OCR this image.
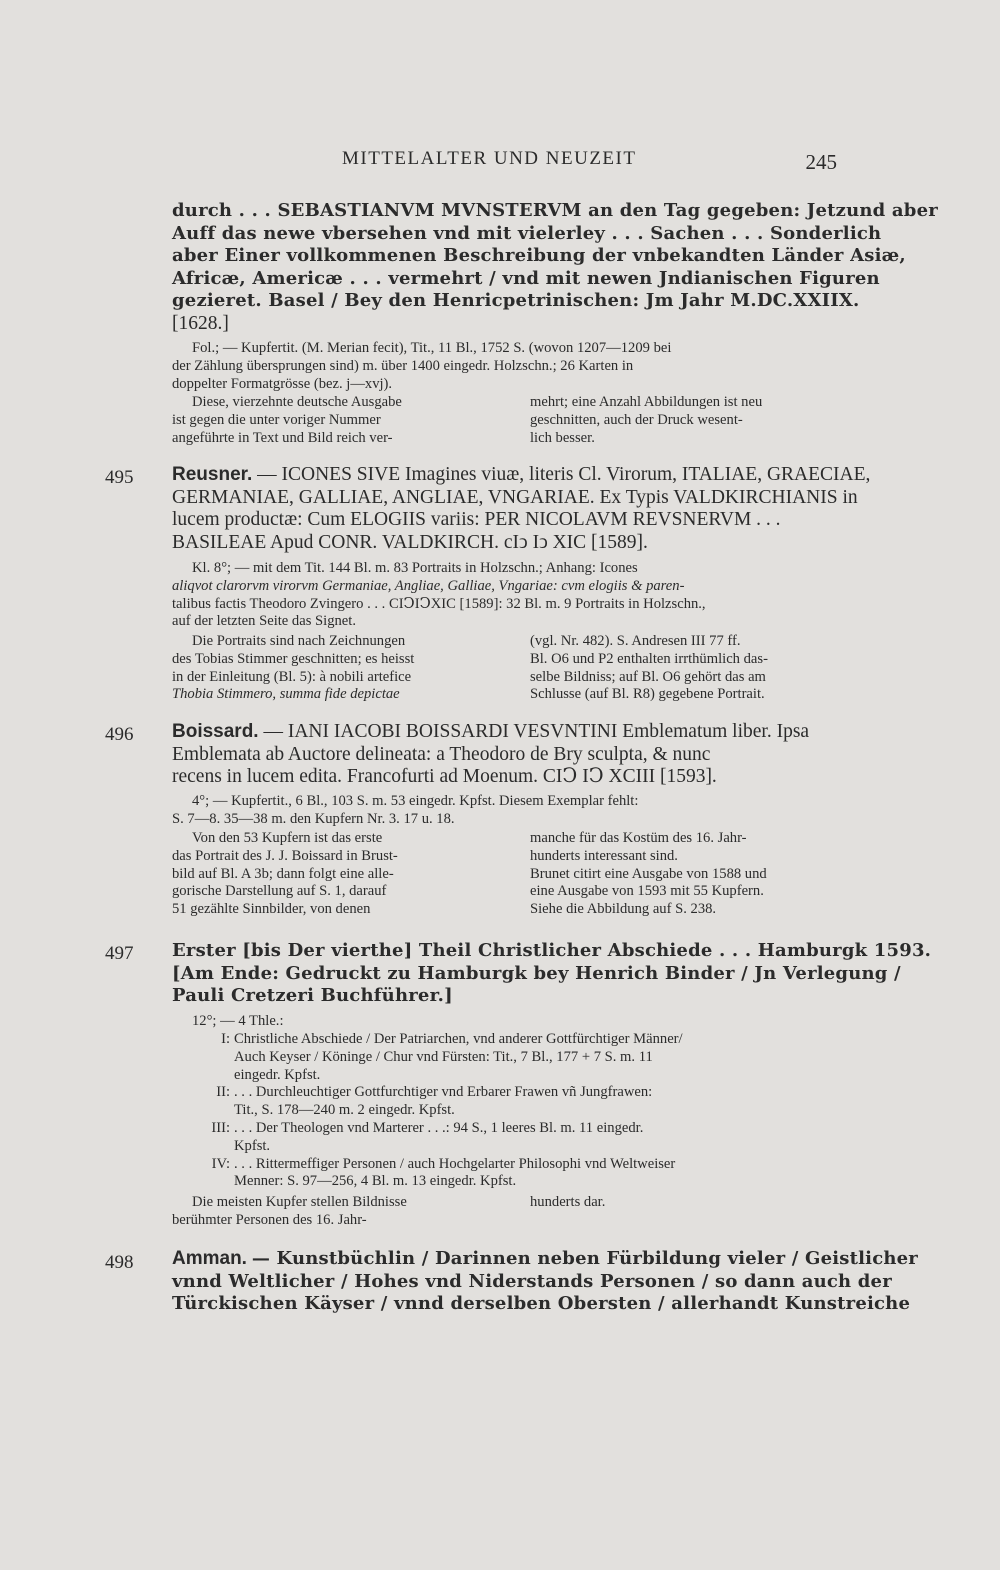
MITTELALTER UND NEUZEIT	245
durch . . . SEBASTIANVM MVNSTERVM an den Tag gegeben: Jetzund aber
Auff das newe vbersehen vnd mit vielerley . . . Sachen . . . Sonderlich
aber Einer vollkommenen Beschreibung der vnbekandten Länder Asiæ,
Africæ, Americæ . . . vermehrt / vnd mit newen Jndianischen Figuren
gezieret. Basel / Bey den Henricpetrinischen: Jm Jahr M.DC.XXIIX.
[1628.]
Fol.; — Kupfertit. (M. Merian fecit), Tit., 11 Bl., 1752 S. (wovon 1207—1209 bei
der Zählung übersprungen sind) m. über 1400 eingedr. Holzschn.; 26 Karten in
doppelter Formatgrösse (bez. j—xvj).
Diese, vierzehnte deutsche Ausgabe
ist gegen die unter voriger Nummer
angeführte in Text und Bild reich ver-
mehrt; eine Anzahl Abbildungen ist neu
geschnitten, auch der Druck wesent-
lich besser.
495 Reusner. — ICONES SIVE Imagines viuæ, literis Cl. Virorum, ITALIAE, GRAECIAE,
GERMANIAE, GALLIAE, ANGLIAE, VNGARIAE. Ex Typis VALDKIRCHIANIS in
lucem productæ: Cum ELOGIIS variis: PER NICOLAVM REVSNERVM . . .
BASILEAE Apud CONR. VALDKIRCH. cIↄ Iↄ XIC [1589].
Kl. 8°; — mit dem Tit. 144 Bl. m. 83 Portraits in Holzschn.; Anhang: Icones
aliqvot clarorvm virorvm Germaniae, Angliae, Galliae, Vngariae: cvm elogiis & paren-
talibus factis Theodoro Zvingero . . . CIↃIↃXIC [1589]: 32 Bl. m. 9 Portraits in Holzschn.,
auf der letzten Seite das Signet.
Die Portraits sind nach Zeichnungen
des Tobias Stimmer geschnitten; es heisst
in der Einleitung (Bl. 5): à nobili artefice
Thobia Stimmero, summa fide depictae
(vgl. Nr. 482). S. Andresen III 77 ff.
Bl. O6 und P2 enthalten irrthümlich das-
selbe Bildniss; auf Bl. O6 gehört das am
Schlusse (auf Bl. R8) gegebene Portrait.
496 Boissard. — IANI IACOBI BOISSARDI VESVNTINI Emblematum liber. Ipsa
Emblemata ab Auctore delineata: a Theodoro de Bry sculpta, & nunc
recens in lucem edita. Francofurti ad Moenum. CIↃ IↃ XCIII [1593].
4°; — Kupfertit., 6 Bl., 103 S. m. 53 eingedr. Kpfst. Diesem Exemplar fehlt:
S. 7—8. 35—38 m. den Kupfern Nr. 3. 17 u. 18.
Von den 53 Kupfern ist das erste
das Portrait des J. J. Boissard in Brust-
bild auf Bl. A 3b; dann folgt eine alle-
gorische Darstellung auf S. 1, darauf
51 gezählte Sinnbilder, von denen
manche für das Kostüm des 16. Jahr-
hunderts interessant sind.
Brunet citirt eine Ausgabe von 1588 und
eine Ausgabe von 1593 mit 55 Kupfern.
Siehe die Abbildung auf S. 238.
497 Erster [bis Der vierthe] Theil Christlicher Abschiede . . . Hamburgk 1593.
[Am Ende: Gedruckt zu Hamburgk bey Henrich Binder / Jn Verlegung /
Pauli Cretzeri Buchführer.]
12°; — 4 Thle.:
I: Christliche Abschiede / Der Patriarchen, vnd anderer Gottfürchtiger Männer/
Auch Keyser / Köninge / Chur vnd Fürsten: Tit., 7 Bl., 177 + 7 S. m. 11
eingedr. Kpfst.
II: . . . Durchleuchtiger Gottfurchtiger vnd Erbarer Frawen vñ Jungfrawen:
Tit., S. 178—240 m. 2 eingedr. Kpfst.
III: . . . Der Theologen vnd Marterer . . .: 94 S., 1 leeres Bl. m. 11 eingedr.
Kpfst.
IV: . . . Rittermeffiger Personen / auch Hochgelarter Philosophi vnd Weltweiser
Menner: S. 97—256, 4 Bl. m. 13 eingedr. Kpfst.
Die meisten Kupfer stellen Bildnisse
berühmter Personen des 16. Jahr-
hunderts dar.
498 Amman. — Kunstbüchlin / Darinnen neben Fürbildung vieler / Geistlicher
vnnd Weltlicher / Hohes vnd Niderstands Personen / so dann auch der
Türckischen Käyser / vnnd derselben Obersten / allerhandt Kunstreiche
